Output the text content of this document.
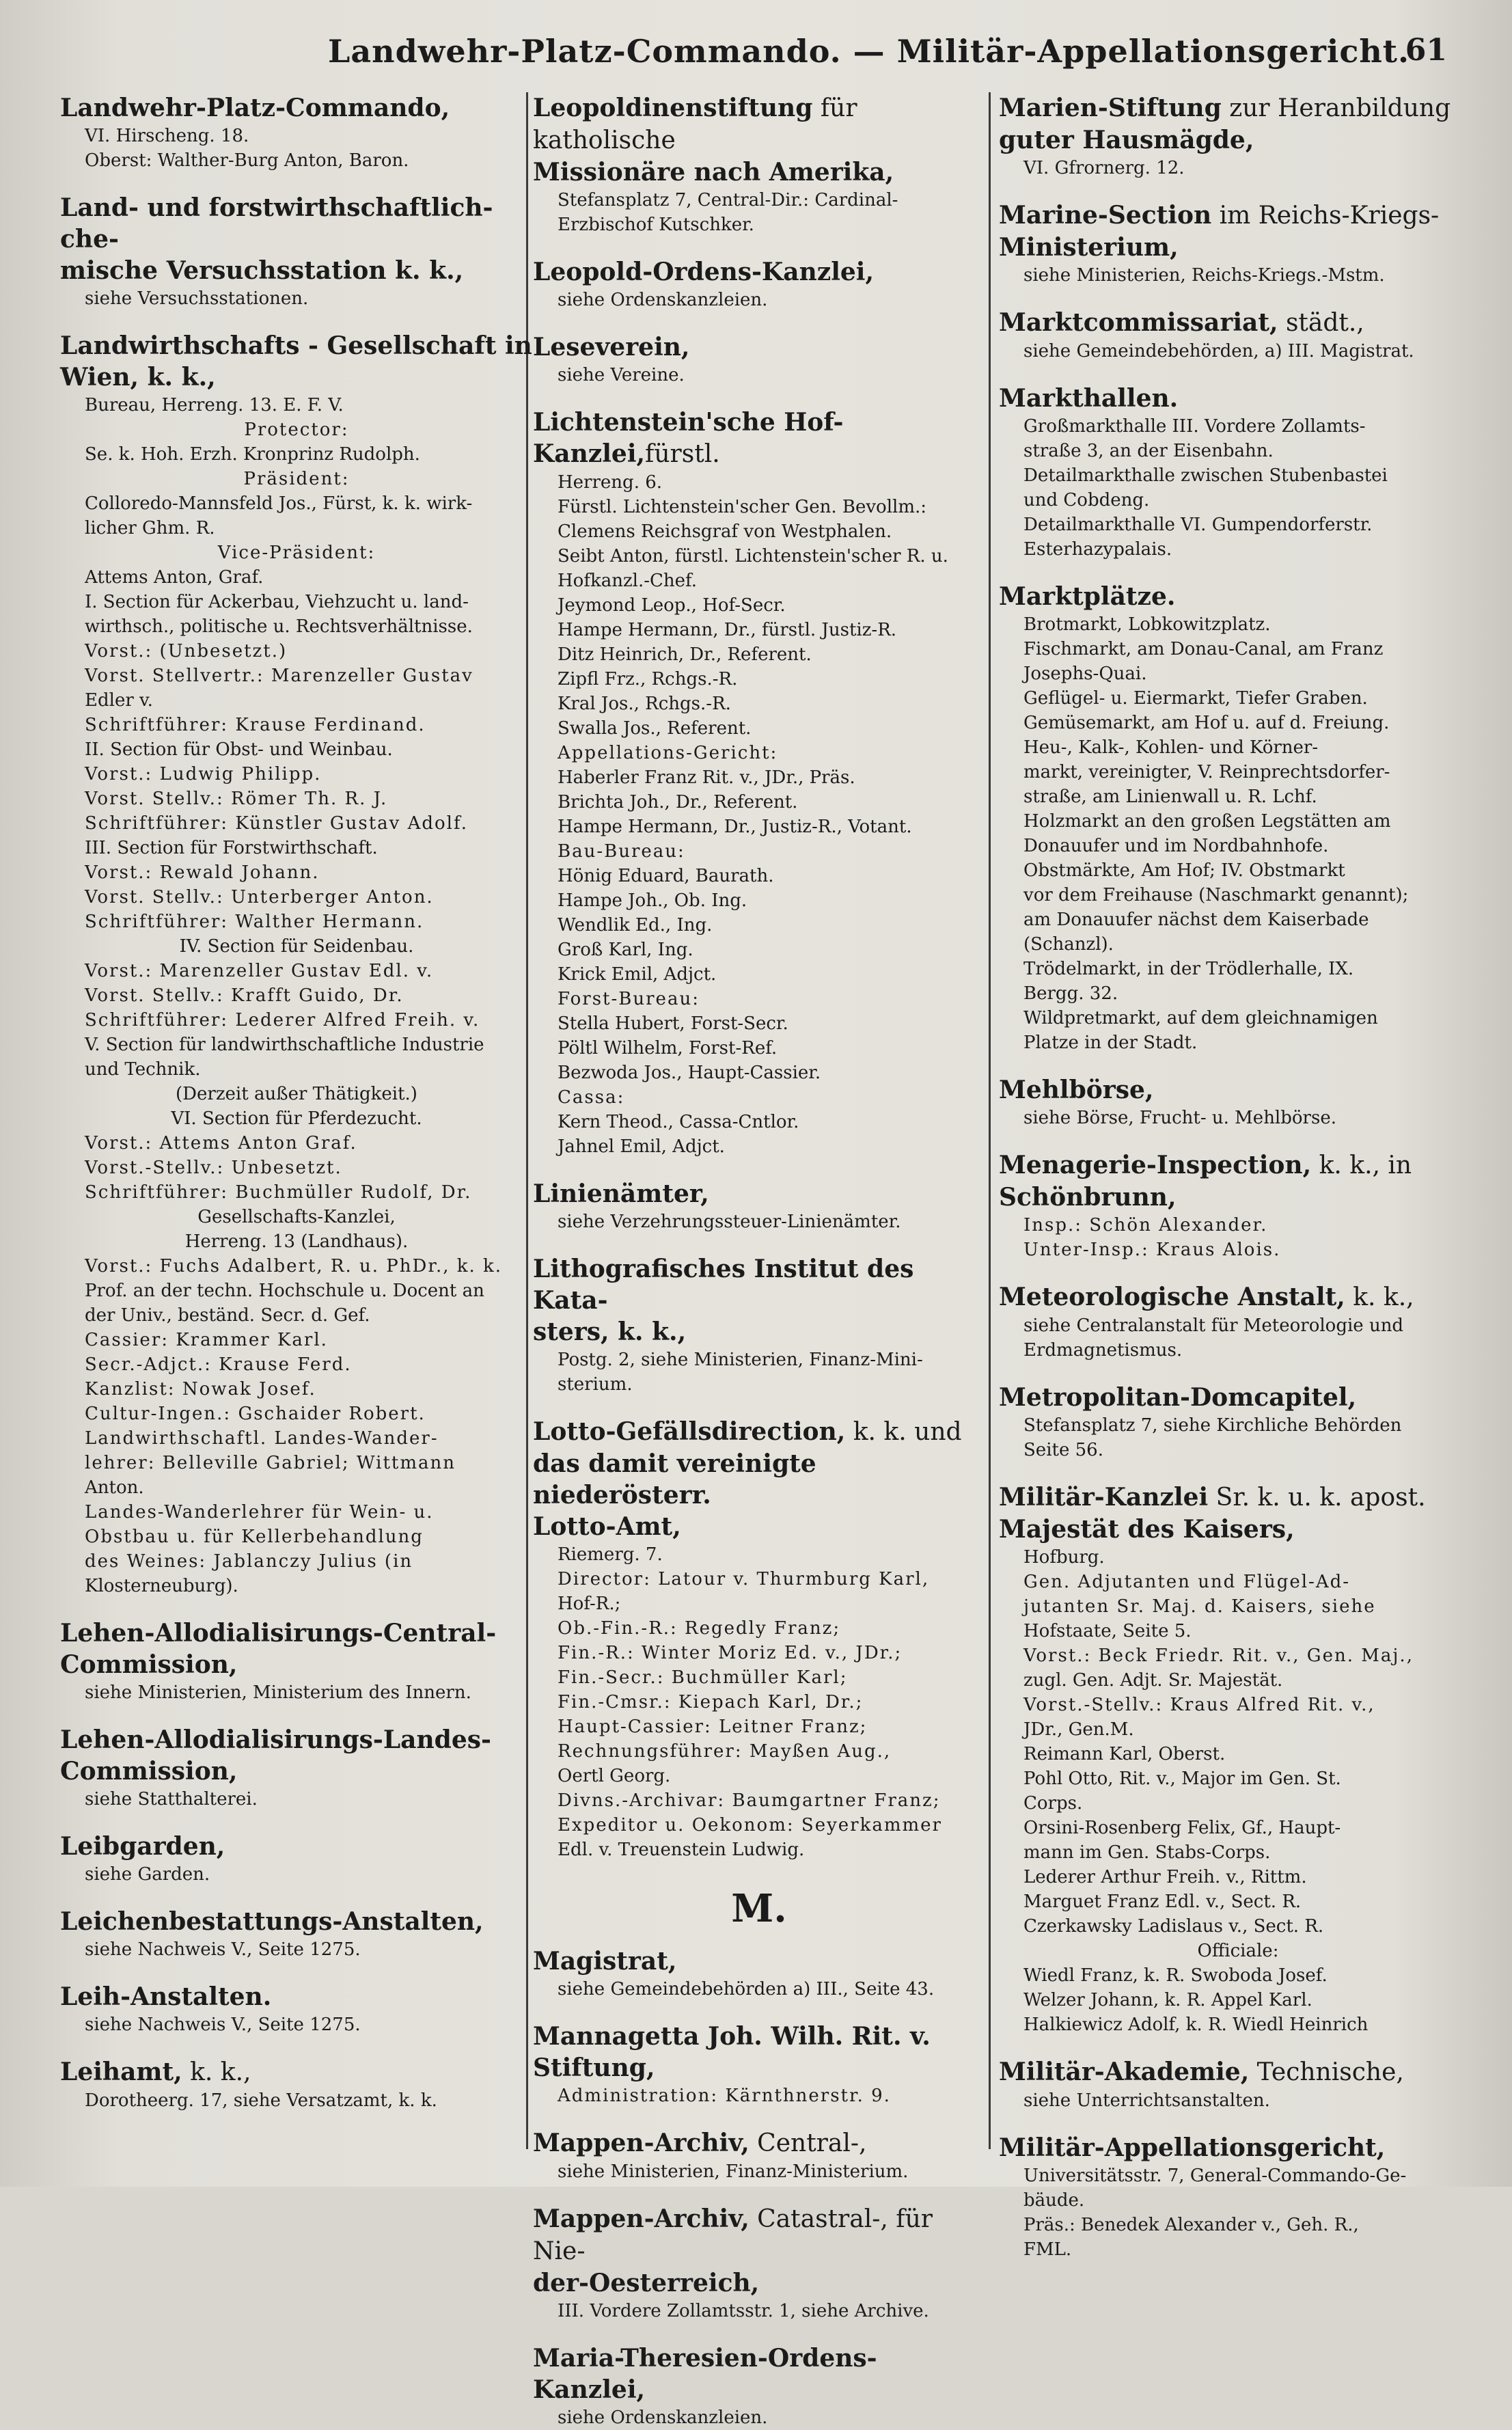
Landwehr-Platz-Commando. — Militär-Appellationsgericht.
61
Landwehr-Platz-Commando,
VI. Hirscheng. 18.
Oberst: Walther-Burg Anton, Baron.
Land- und forstwirthschaftlich-che-
mische Versuchsstation k. k.,
siehe Versuchsstationen.
Landwirthschafts - Gesellschaft in
Wien, k. k.,
Bureau, Herreng. 13. E. F. V.
Protector:
Se. k. Hoh. Erzh. Kronprinz Rudolph.
Präsident:
Colloredo-Mannsfeld Jos., Fürst, k. k. wirk-
licher Ghm. R.
Vice-Präsident:
Attems Anton, Graf.
I. Section für Ackerbau, Viehzucht u. land-
wirthsch., politische u. Rechtsverhältnisse.
Vorst.: (Unbesetzt.)
Vorst. Stellvertr.: Marenzeller Gustav
Edler v.
Schriftführer: Krause Ferdinand.
II. Section für Obst- und Weinbau.
Vorst.: Ludwig Philipp.
Vorst. Stellv.: Römer Th. R. J.
Schriftführer: Künstler Gustav Adolf.
III. Section für Forstwirthschaft.
Vorst.: Rewald Johann.
Vorst. Stellv.: Unterberger Anton.
Schriftführer: Walther Hermann.
IV. Section für Seidenbau.
Vorst.: Marenzeller Gustav Edl. v.
Vorst. Stellv.: Krafft Guido, Dr.
Schriftführer: Lederer Alfred Freih. v.
V. Section für landwirthschaftliche Industrie
und Technik.
(Derzeit außer Thätigkeit.)
VI. Section für Pferdezucht.
Vorst.: Attems Anton Graf.
Vorst.-Stellv.: Unbesetzt.
Schriftführer: Buchmüller Rudolf, Dr.
Gesellschafts-Kanzlei,
Herreng. 13 (Landhaus).
Vorst.: Fuchs Adalbert, R. u. PhDr., k. k.
Prof. an der techn. Hochschule u. Docent an
der Univ., beständ. Secr. d. Gef.
Cassier: Krammer Karl.
Secr.-Adjct.: Krause Ferd.
Kanzlist: Nowak Josef.
Cultur-Ingen.: Gschaider Robert.
Landwirthschaftl. Landes-Wander-
lehrer: Belleville Gabriel; Wittmann
Anton.
Landes-Wanderlehrer für Wein- u.
Obstbau u. für Kellerbehandlung
des Weines: Jablanczy Julius (in
Klosterneuburg).
Lehen-Allodialisirungs-Central-
Commission,
siehe Ministerien, Ministerium des Innern.
Lehen-Allodialisirungs-Landes-
Commission,
siehe Statthalterei.
Leibgarden,
siehe Garden.
Leichenbestattungs-Anstalten,
siehe Nachweis V., Seite 1275.
Leih-Anstalten.
siehe Nachweis V., Seite 1275.
Leihamt, k. k.,
Dorotheerg. 17, siehe Versatzamt, k. k.
Leopoldinenstiftung für katholische
Missionäre nach Amerika,
Stefansplatz 7, Central-Dir.: Cardinal-
Erzbischof Kutschker.
Leopold-Ordens-Kanzlei,
siehe Ordenskanzleien.
Leseverein,
siehe Vereine.
Lichtenstein'sche Hof-Kanzlei,fürstl.
Herreng. 6.
Fürstl. Lichtenstein'scher Gen. Bevollm.:
Clemens Reichsgraf von Westphalen.
Seibt Anton, fürstl. Lichtenstein'scher R. u.
Hofkanzl.-Chef.
Jeymond Leop., Hof-Secr.
Hampe Hermann, Dr., fürstl. Justiz-R.
Ditz Heinrich, Dr., Referent.
Zipfl Frz., Rchgs.-R.
Kral Jos., Rchgs.-R.
Swalla Jos., Referent.
Appellations-Gericht:
Haberler Franz Rit. v., JDr., Präs.
Brichta Joh., Dr., Referent.
Hampe Hermann, Dr., Justiz-R., Votant.
Bau-Bureau:
Hönig Eduard, Baurath.
Hampe Joh., Ob. Ing.
Wendlik Ed., Ing.
Groß Karl, Ing.
Krick Emil, Adjct.
Forst-Bureau:
Stella Hubert, Forst-Secr.
Pöltl Wilhelm, Forst-Ref.
Bezwoda Jos., Haupt-Cassier.
Cassa:
Kern Theod., Cassa-Cntlor.
Jahnel Emil, Adjct.
Linienämter,
siehe Verzehrungssteuer-Linienämter.
Lithografisches Institut des Kata-
sters, k. k.,
Postg. 2, siehe Ministerien, Finanz-Mini-
sterium.
Lotto-Gefällsdirection, k. k. und
das damit vereinigte niederösterr.
Lotto-Amt,
Riemerg. 7.
Director: Latour v. Thurmburg Karl,
Hof-R.;
Ob.-Fin.-R.: Regedly Franz;
Fin.-R.: Winter Moriz Ed. v., JDr.;
Fin.-Secr.: Buchmüller Karl;
Fin.-Cmsr.: Kiepach Karl, Dr.;
Haupt-Cassier: Leitner Franz;
Rechnungsführer: Mayßen Aug.,
Oertl Georg.
Divns.-Archivar: Baumgartner Franz;
Expeditor u. Oekonom: Seyerkammer
Edl. v. Treuenstein Ludwig.
M.
Magistrat,
siehe Gemeindebehörden a) III., Seite 43.
Mannagetta Joh. Wilh. Rit. v.
Stiftung,
Administration: Kärnthnerstr. 9.
Mappen-Archiv, Central-,
siehe Ministerien, Finanz-Ministerium.
Mappen-Archiv, Catastral-, für Nie-
der-Oesterreich,
III. Vordere Zollamtsstr. 1, siehe Archive.
Maria-Theresien-Ordens-Kanzlei,
siehe Ordenskanzleien.
Marien-Stiftung zur Heranbildung
guter Hausmägde,
VI. Gfrornerg. 12.
Marine-Section im Reichs-Kriegs-
Ministerium,
siehe Ministerien, Reichs-Kriegs.-Mstm.
Marktcommissariat, städt.,
siehe Gemeindebehörden, a) III. Magistrat.
Markthallen.
Großmarkthalle III. Vordere Zollamts-
straße 3, an der Eisenbahn.
Detailmarkthalle zwischen Stubenbastei
und Cobdeng.
Detailmarkthalle VI. Gumpendorferstr.
Esterhazypalais.
Marktplätze.
Brotmarkt, Lobkowitzplatz.
Fischmarkt, am Donau-Canal, am Franz
Josephs-Quai.
Geflügel- u. Eiermarkt, Tiefer Graben.
Gemüsemarkt, am Hof u. auf d. Freiung.
Heu-, Kalk-, Kohlen- und Körner-
markt, vereinigter, V. Reinprechtsdorfer-
straße, am Linienwall u. R. Lchf.
Holzmarkt an den großen Legstätten am
Donauufer und im Nordbahnhofe.
Obstmärkte, Am Hof; IV. Obstmarkt
vor dem Freihause (Naschmarkt genannt);
am Donauufer nächst dem Kaiserbade
(Schanzl).
Trödelmarkt, in der Trödlerhalle, IX.
Bergg. 32.
Wildpretmarkt, auf dem gleichnamigen
Platze in der Stadt.
Mehlbörse,
siehe Börse, Frucht- u. Mehlbörse.
Menagerie-Inspection, k. k., in
Schönbrunn,
Insp.: Schön Alexander.
Unter-Insp.: Kraus Alois.
Meteorologische Anstalt, k. k.,
siehe Centralanstalt für Meteorologie und
Erdmagnetismus.
Metropolitan-Domcapitel,
Stefansplatz 7, siehe Kirchliche Behörden
Seite 56.
Militär-Kanzlei Sr. k. u. k. apost.
Majestät des Kaisers,
Hofburg.
Gen. Adjutanten und Flügel-Ad-
jutanten Sr. Maj. d. Kaisers, siehe
Hofstaate, Seite 5.
Vorst.: Beck Friedr. Rit. v., Gen. Maj.,
zugl. Gen. Adjt. Sr. Majestät.
Vorst.-Stellv.: Kraus Alfred Rit. v.,
JDr., Gen.M.
Reimann Karl, Oberst.
Pohl Otto, Rit. v., Major im Gen. St.
Corps.
Orsini-Rosenberg Felix, Gf., Haupt-
mann im Gen. Stabs-Corps.
Lederer Arthur Freih. v., Rittm.
Marguet Franz Edl. v., Sect. R.
Czerkawsky Ladislaus v., Sect. R.
Officiale:
Wiedl Franz, k. R. Swoboda Josef.
Welzer Johann, k. R. Appel Karl.
Halkiewicz Adolf, k. R. Wiedl Heinrich
Militär-Akademie, Technische,
siehe Unterrichtsanstalten.
Militär-Appellationsgericht,
Universitätsstr. 7, General-Commando-Ge-
bäude.
Präs.: Benedek Alexander v., Geh. R.,
FML.
